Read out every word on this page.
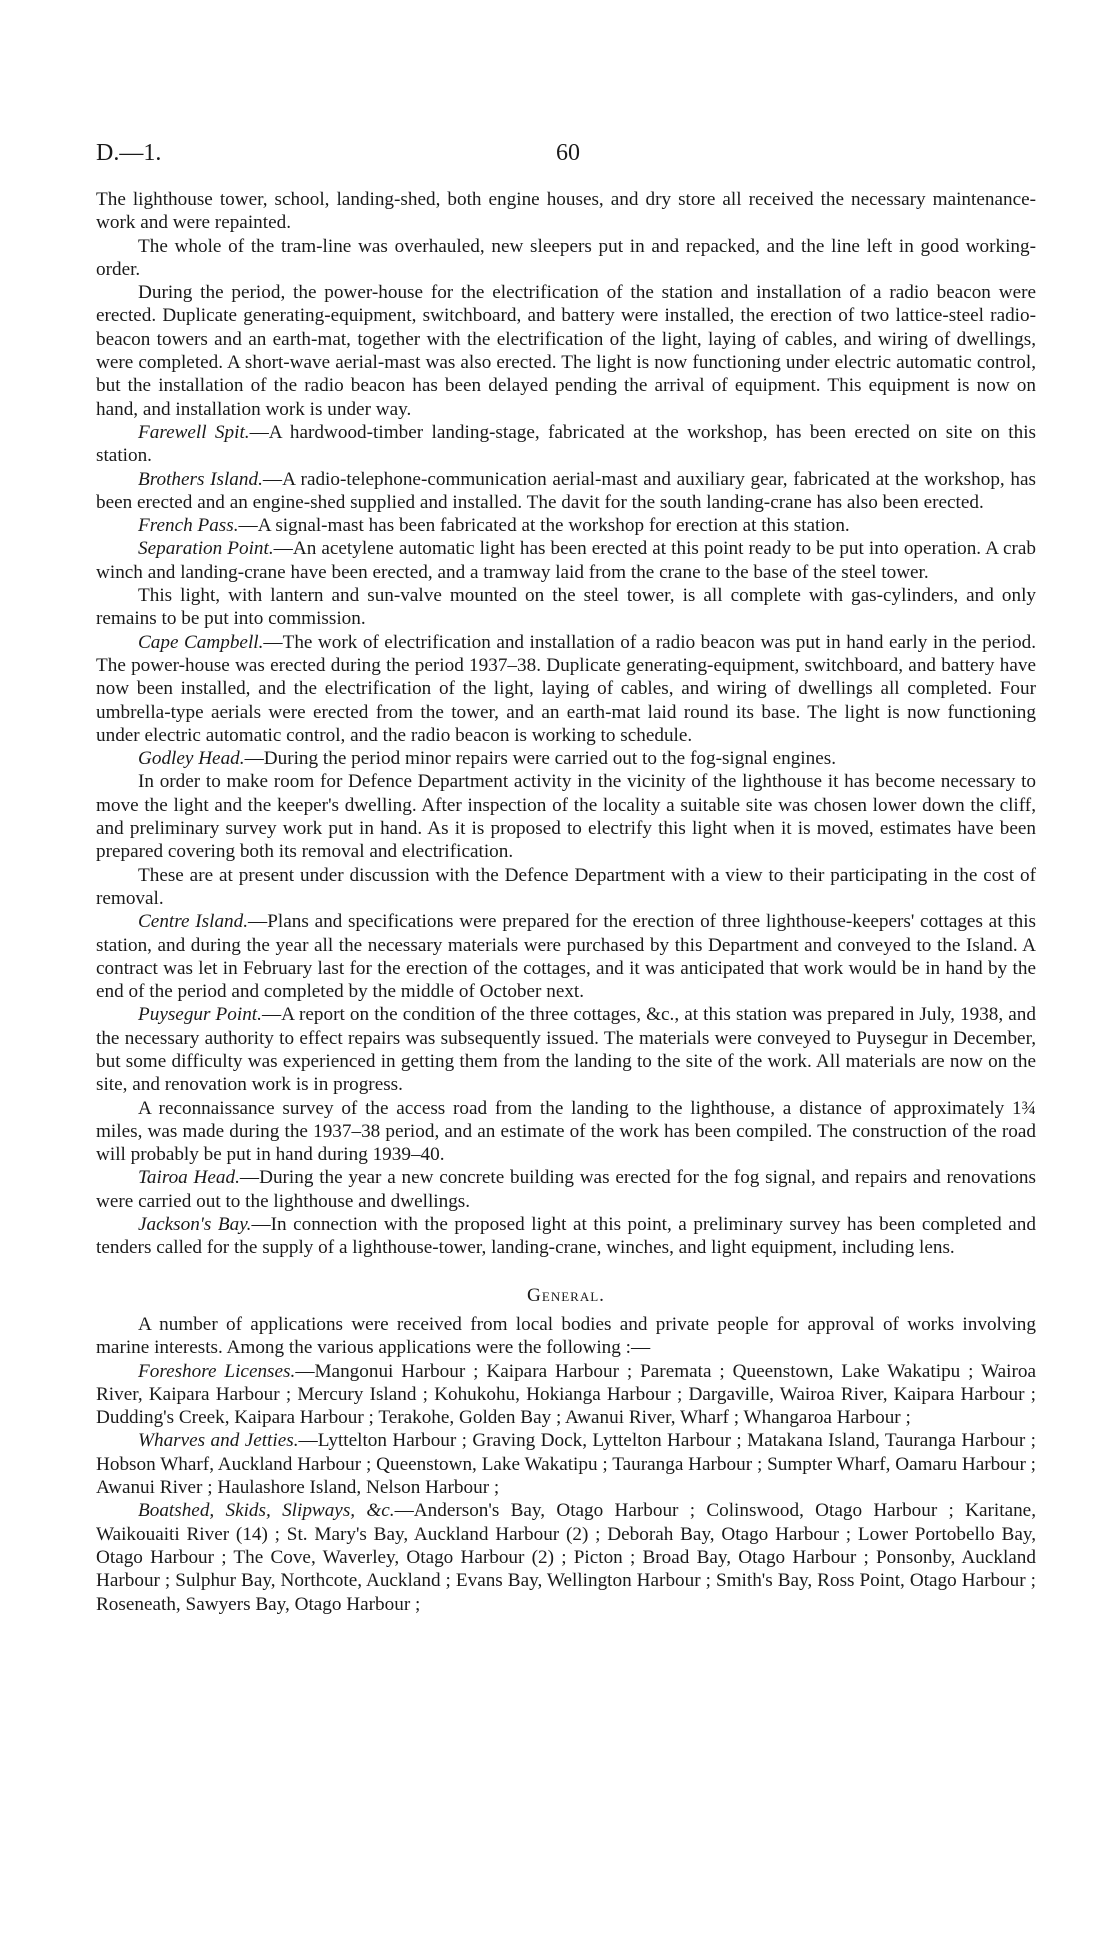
D.—1.	60

The lighthouse tower, school, landing-shed, both engine houses, and dry store all received the necessary maintenance-work and were repainted.

The whole of the tram-line was overhauled, new sleepers put in and repacked, and the line left in good working-order.

During the period, the power-house for the electrification of the station and installation of a radio beacon were erected. Duplicate generating-equipment, switchboard, and battery were installed, the erection of two lattice-steel radio-beacon towers and an earth-mat, together with the electrification of the light, laying of cables, and wiring of dwellings, were completed. A short-wave aerial-mast was also erected. The light is now functioning under electric automatic control, but the installation of the radio beacon has been delayed pending the arrival of equipment. This equipment is now on hand, and installation work is under way.

Farewell Spit.—A hardwood-timber landing-stage, fabricated at the workshop, has been erected on site on this station.

Brothers Island.—A radio-telephone-communication aerial-mast and auxiliary gear, fabricated at the workshop, has been erected and an engine-shed supplied and installed. The davit for the south landing-crane has also been erected.

French Pass.—A signal-mast has been fabricated at the workshop for erection at this station.

Separation Point.—An acetylene automatic light has been erected at this point ready to be put into operation. A crab winch and landing-crane have been erected, and a tramway laid from the crane to the base of the steel tower.

This light, with lantern and sun-valve mounted on the steel tower, is all complete with gas-cylinders, and only remains to be put into commission.

Cape Campbell.—The work of electrification and installation of a radio beacon was put in hand early in the period. The power-house was erected during the period 1937–38. Duplicate generating-equipment, switchboard, and battery have now been installed, and the electrification of the light, laying of cables, and wiring of dwellings all completed. Four umbrella-type aerials were erected from the tower, and an earth-mat laid round its base. The light is now functioning under electric automatic control, and the radio beacon is working to schedule.

Godley Head.—During the period minor repairs were carried out to the fog-signal engines.

In order to make room for Defence Department activity in the vicinity of the lighthouse it has become necessary to move the light and the keeper's dwelling. After inspection of the locality a suitable site was chosen lower down the cliff, and preliminary survey work put in hand. As it is proposed to electrify this light when it is moved, estimates have been prepared covering both its removal and electrification.

These are at present under discussion with the Defence Department with a view to their participating in the cost of removal.

Centre Island.—Plans and specifications were prepared for the erection of three lighthouse-keepers' cottages at this station, and during the year all the necessary materials were purchased by this Department and conveyed to the Island. A contract was let in February last for the erection of the cottages, and it was anticipated that work would be in hand by the end of the period and completed by the middle of October next.

Puysegur Point.—A report on the condition of the three cottages, &c., at this station was prepared in July, 1938, and the necessary authority to effect repairs was subsequently issued. The materials were conveyed to Puysegur in December, but some difficulty was experienced in getting them from the landing to the site of the work. All materials are now on the site, and renovation work is in progress.

A reconnaissance survey of the access road from the landing to the lighthouse, a distance of approximately 1¾ miles, was made during the 1937–38 period, and an estimate of the work has been compiled. The construction of the road will probably be put in hand during 1939–40.

Tairoa Head.—During the year a new concrete building was erected for the fog signal, and repairs and renovations were carried out to the lighthouse and dwellings.

Jackson's Bay.—In connection with the proposed light at this point, a preliminary survey has been completed and tenders called for the supply of a lighthouse-tower, landing-crane, winches, and light equipment, including lens.

General.

A number of applications were received from local bodies and private people for approval of works involving marine interests. Among the various applications were the following :—

Foreshore Licenses.—Mangonui Harbour ; Kaipara Harbour ; Paremata ; Queenstown, Lake Wakatipu ; Wairoa River, Kaipara Harbour ; Mercury Island ; Kohukohu, Hokianga Harbour ; Dargaville, Wairoa River, Kaipara Harbour ; Dudding's Creek, Kaipara Harbour ; Terakohe, Golden Bay ; Awanui River, Wharf ; Whangaroa Harbour ;

Wharves and Jetties.—Lyttelton Harbour ; Graving Dock, Lyttelton Harbour ; Matakana Island, Tauranga Harbour ; Hobson Wharf, Auckland Harbour ; Queenstown, Lake Wakatipu ; Tauranga Harbour ; Sumpter Wharf, Oamaru Harbour ; Awanui River ; Haulashore Island, Nelson Harbour ;

Boatshed, Skids, Slipways, &c.—Anderson's Bay, Otago Harbour ; Colinswood, Otago Harbour ; Karitane, Waikouaiti River (14) ; St. Mary's Bay, Auckland Harbour (2) ; Deborah Bay, Otago Harbour ; Lower Portobello Bay, Otago Harbour ; The Cove, Waverley, Otago Harbour (2) ; Picton ; Broad Bay, Otago Harbour ; Ponsonby, Auckland Harbour ; Sulphur Bay, Northcote, Auckland ; Evans Bay, Wellington Harbour ; Smith's Bay, Ross Point, Otago Harbour ; Roseneath, Sawyers Bay, Otago Harbour ;
